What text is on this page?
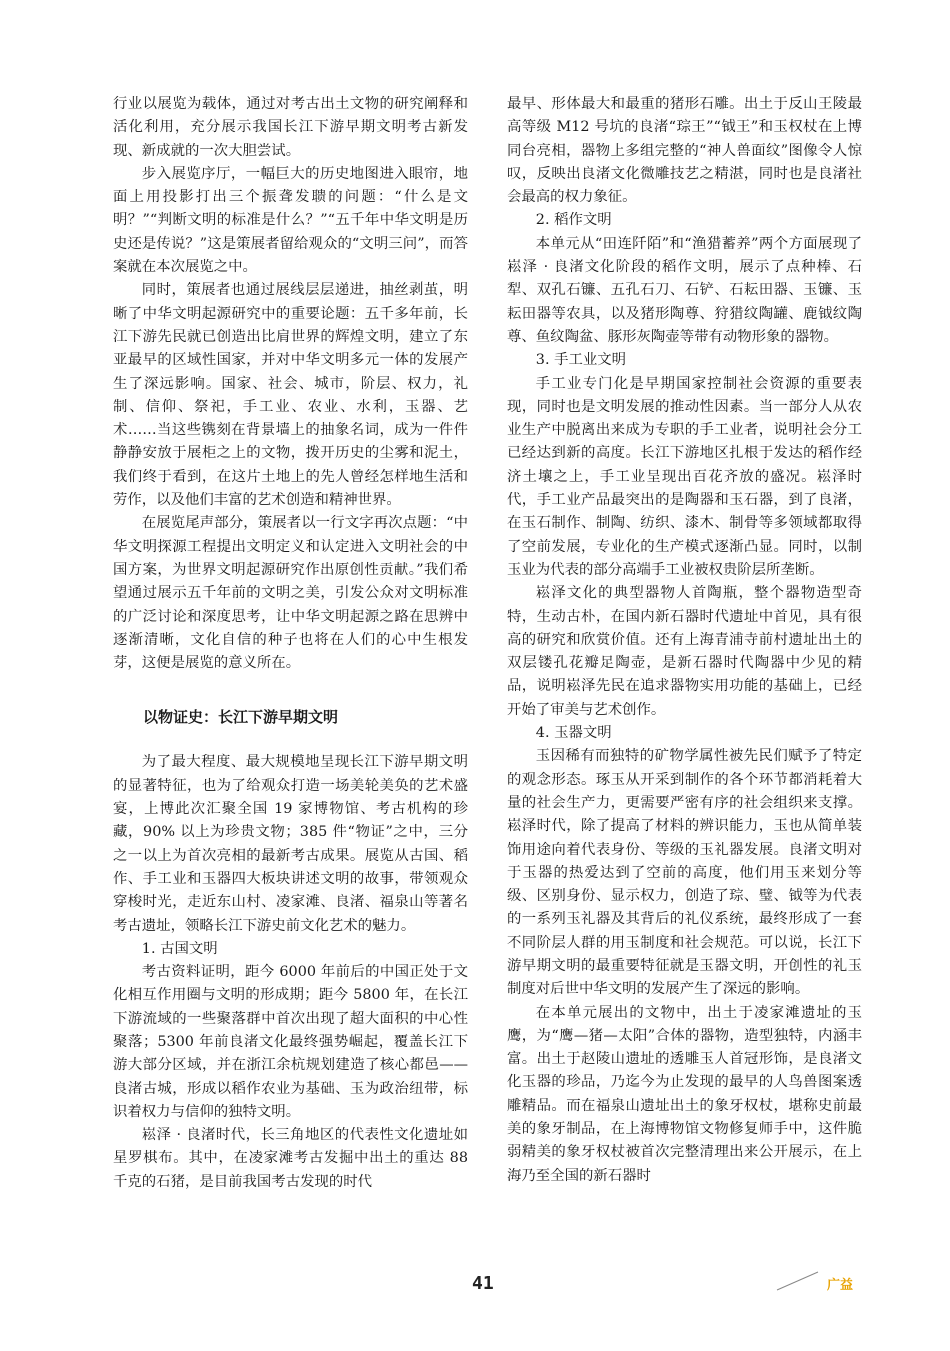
行业以展览为载体，通过对考古出土文物的研究阐释和活化利用，充分展示我国长江下游早期文明考古新发现、新成就的一次大胆尝试。

步入展览序厅，一幅巨大的历史地图进入眼帘，地面上用投影打出三个振聋发聩的问题：“什么是文明？”“判断文明的标准是什么？”“五千年中华文明是历史还是传说？”这是策展者留给观众的“文明三问”，而答案就在本次展览之中。

同时，策展者也通过展线层层递进，抽丝剥茧，明晰了中华文明起源研究中的重要论题：五千多年前，长江下游先民就已创造出比肩世界的辉煌文明，建立了东亚最早的区域性国家，并对中华文明多元一体的发展产生了深远影响。国家、社会、城市，阶层、权力，礼制、信仰、祭祀，手工业、农业、水利，玉器、艺术……当这些镌刻在背景墙上的抽象名词，成为一件件静静安放于展柜之上的文物，拨开历史的尘雾和泥土，我们终于看到，在这片土地上的先人曾经怎样地生活和劳作，以及他们丰富的艺术创造和精神世界。

在展览尾声部分，策展者以一行文字再次点题：“中华文明探源工程提出文明定义和认定进入文明社会的中国方案，为世界文明起源研究作出原创性贡献。”我们希望通过展示五千年前的文明之美，引发公众对文明标准的广泛讨论和深度思考，让中华文明起源之路在思辨中逐渐清晰，文化自信的种子也将在人们的心中生根发芽，这便是展览的意义所在。

以物证史：长江下游早期文明

为了最大程度、最大规模地呈现长江下游早期文明的显著特征，也为了给观众打造一场美轮美奂的艺术盛宴，上博此次汇聚全国 19 家博物馆、考古机构的珍藏，90% 以上为珍贵文物；385 件“物证”之中，三分之一以上为首次亮相的最新考古成果。展览从古国、稻作、手工业和玉器四大板块讲述文明的故事，带领观众穿梭时光，走近东山村、凌家滩、良渚、福泉山等著名考古遗址，领略长江下游史前文化艺术的魅力。

1. 古国文明

考古资料证明，距今 6000 年前后的中国正处于文化相互作用圈与文明的形成期；距今 5800 年，在长江下游流域的一些聚落群中首次出现了超大面积的中心性聚落；5300 年前良渚文化最终强势崛起，覆盖长江下游大部分区域，并在浙江余杭规划建造了核心都邑——良渚古城，形成以稻作农业为基础、玉为政治纽带，标识着权力与信仰的独特文明。

崧泽 · 良渚时代，长三角地区的代表性文化遗址如星罗棋布。其中，在凌家滩考古发掘中出土的重达 88 千克的石猪，是目前我国考古发现的时代

最早、形体最大和最重的猪形石雕。出土于反山王陵最高等级 M12 号坑的良渚“琮王”“钺王”和玉权杖在上博同台亮相，器物上多组完整的“神人兽面纹”图像令人惊叹，反映出良渚文化微雕技艺之精湛，同时也是良渚社会最高的权力象征。

2. 稻作文明

本单元从“田连阡陌”和“渔猎蓄养”两个方面展现了崧泽 · 良渚文化阶段的稻作文明，展示了点种棒、石犁、双孔石镰、五孔石刀、石铲、石耘田器、玉镰、玉耘田器等农具，以及猪形陶尊、狩猎纹陶罐、鹿钺纹陶尊、鱼纹陶盆、豚形灰陶壶等带有动物形象的器物。

3. 手工业文明

手工业专门化是早期国家控制社会资源的重要表现，同时也是文明发展的推动性因素。当一部分人从农业生产中脱离出来成为专职的手工业者，说明社会分工已经达到新的高度。长江下游地区扎根于发达的稻作经济土壤之上，手工业呈现出百花齐放的盛况。崧泽时代，手工业产品最突出的是陶器和玉石器，到了良渚，在玉石制作、制陶、纺织、漆木、制骨等多领域都取得了空前发展，专业化的生产模式逐渐凸显。同时，以制玉业为代表的部分高端手工业被权贵阶层所垄断。

崧泽文化的典型器物人首陶瓶，整个器物造型奇特，生动古朴，在国内新石器时代遗址中首见，具有很高的研究和欣赏价值。还有上海青浦寺前村遗址出土的双层镂孔花瓣足陶壶，是新石器时代陶器中少见的精品，说明崧泽先民在追求器物实用功能的基础上，已经开始了审美与艺术创作。

4. 玉器文明

玉因稀有而独特的矿物学属性被先民们赋予了特定的观念形态。琢玉从开采到制作的各个环节都消耗着大量的社会生产力，更需要严密有序的社会组织来支撑。崧泽时代，除了提高了材料的辨识能力，玉也从简单装饰用途向着代表身份、等级的玉礼器发展。良渚文明对于玉器的热爱达到了空前的高度，他们用玉来划分等级、区别身份、显示权力，创造了琮、璧、钺等为代表的一系列玉礼器及其背后的礼仪系统，最终形成了一套不同阶层人群的用玉制度和社会规范。可以说，长江下游早期文明的最重要特征就是玉器文明，开创性的礼玉制度对后世中华文明的发展产生了深远的影响。

在本单元展出的文物中，出土于凌家滩遗址的玉鹰，为“鹰—猪—太阳”合体的器物，造型独特，内涵丰富。出土于赵陵山遗址的透雕玉人首冠形饰，是良渚文化玉器的珍品，乃迄今为止发现的最早的人鸟兽图案透雕精品。而在福泉山遗址出土的象牙权杖，堪称史前最美的象牙制品，在上海博物馆文物修复师手中，这件脆弱精美的象牙权杖被首次完整清理出来公开展示，在上海乃至全国的新石器时

41	广益
